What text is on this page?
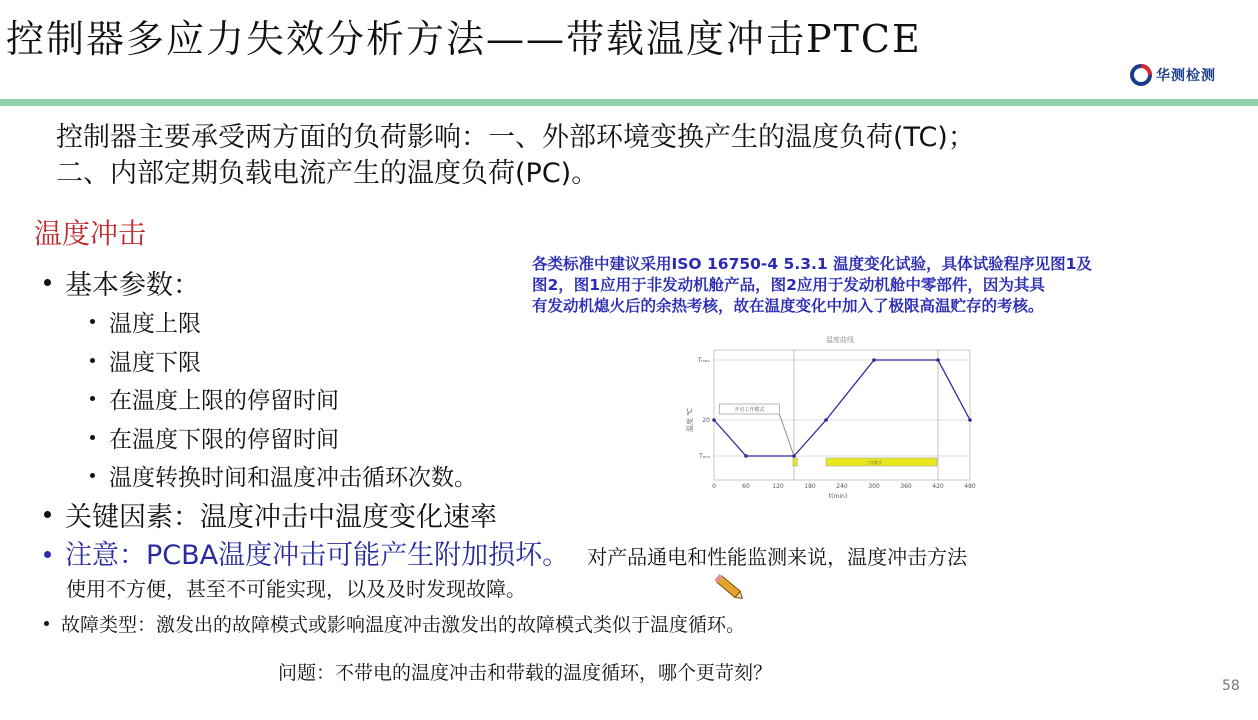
控制器多应力失效分析方法——带载温度冲击PTCE
华测检测
控制器主要承受两方面的负荷影响：一、外部环境变换产生的温度负荷(TC)；
二、内部定期负载电流产生的温度负荷(PC)。
温度冲击
基本参数：
温度上限
温度下限
在温度上限的停留时间
在温度下限的停留时间
温度转换时间和温度冲击循环次数。
关键因素：温度冲击中温度变化速率
注意：PCBA温度冲击可能产生附加损坏。 对产品通电和性能监测来说，温度冲击方法
使用不方便，甚至不可能实现，以及及时发现故障。
故障类型：激发出的故障模式或影响温度冲击激发出的故障模式类似于温度循环。
问题：不带电的温度冲击和带载的温度循环，哪个更苛刻？
各类标准中建议采用ISO 16750-4 5.3.1 温度变化试验，具体试验程序见图1及
图2，图1应用于非发动机舱产品，图2应用于发动机舱中零部件，因为其具
有发动机熄火后的余热考核，故在温度变化中加入了极限高温贮存的考核。
温度曲线
温度 ℃
t(min)
Tₘₐₓ
20
Tₘᵢₙ
0	60	120	180	240	300	360	420	480
工作模式
开启工作模式
58
